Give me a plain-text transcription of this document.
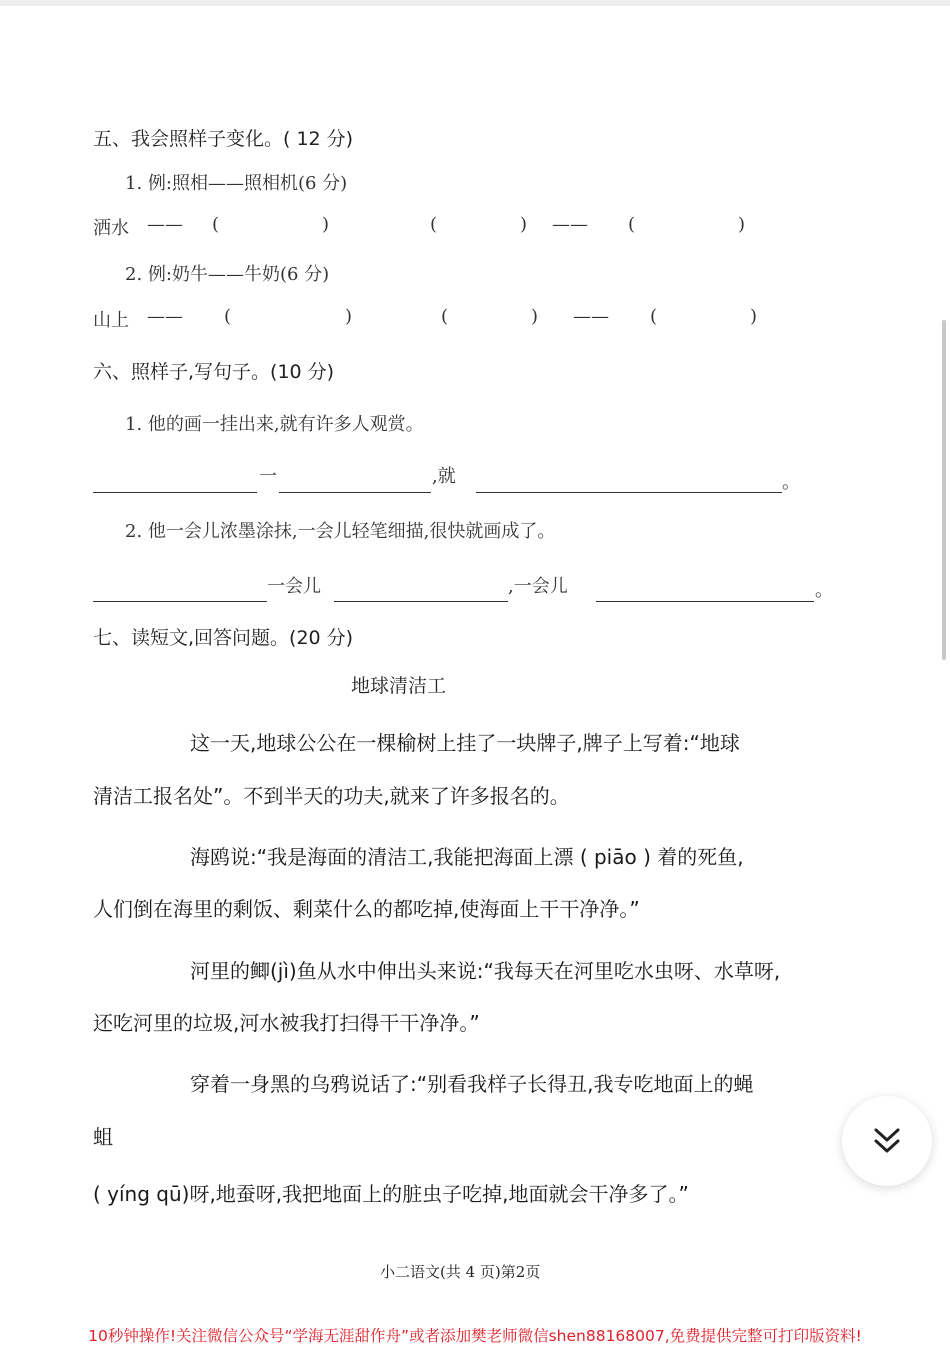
五、我会照样子变化。( 12 分)
1. 例:照相——照相机(6 分)
洒水 —— (	)	(	) —— (	)
2. 例:奶牛——牛奶(6 分)
山上 —— (	)	(	) —— (	)
六、照样子,写句子。(10 分)
1. 他的画一挂出来,就有许多人观赏。
一	,就	。
2. 他一会儿浓墨涂抹,一会儿轻笔细描,很快就画成了。
一会儿	,一会儿	。
七、读短文,回答问题。(20 分)
地球清洁工
这一天,地球公公在一棵榆树上挂了一块牌子,牌子上写着:“地球
清洁工报名处”。不到半天的功夫,就来了许多报名的。
海鸥说:“我是海面的清洁工,我能把海面上漂 ( piāo ) 着的死鱼,
人们倒在海里的剩饭、剩菜什么的都吃掉,使海面上干干净净。”
河里的鲫(jì)鱼从水中伸出头来说:“我每天在河里吃水虫呀、水草呀,
还吃河里的垃圾,河水被我打扫得干干净净。”
穿着一身黑的乌鸦说话了:“别看我样子长得丑,我专吃地面上的蝇
蛆
( yíng qū)呀,地蚕呀,我把地面上的脏虫子吃掉,地面就会干净多了。”
小二语文(共 4 页)第2页
10秒钟操作!关注微信公众号“学海无涯甜作舟”或者添加樊老师微信shen88168007,免费提供完整可打印版资料!
